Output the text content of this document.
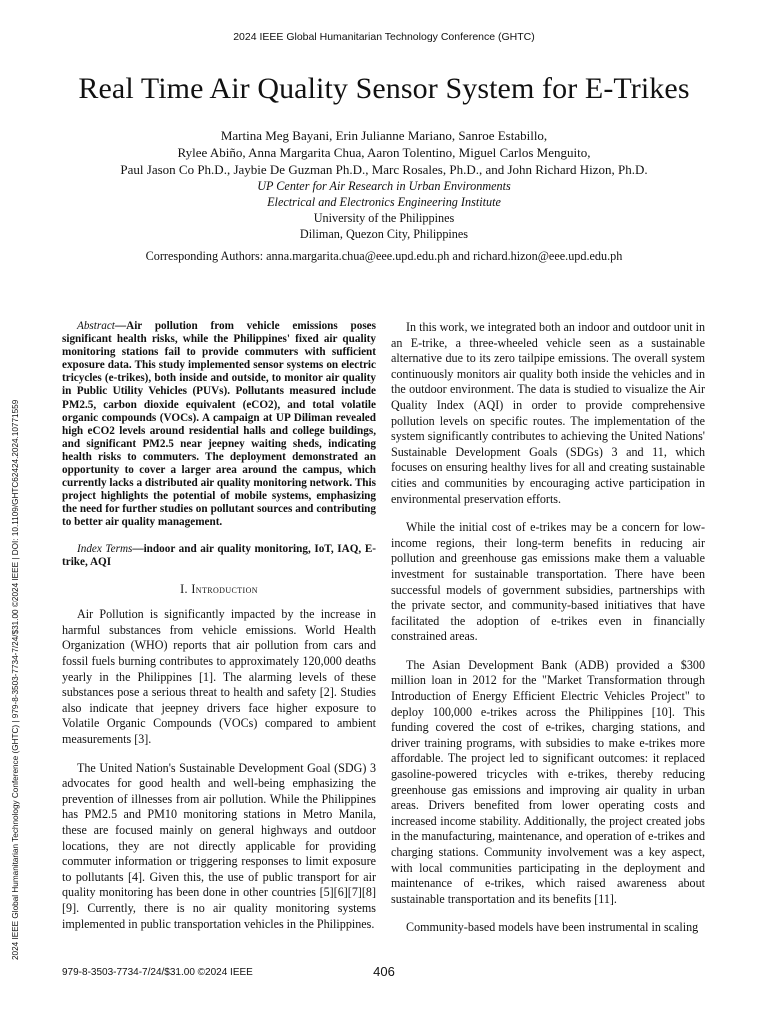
2024 IEEE Global Humanitarian Technology Conference (GHTC)
Real Time Air Quality Sensor System for E-Trikes
Martina Meg Bayani, Erin Julianne Mariano, Sanroe Estabillo,
Rylee Abiño, Anna Margarita Chua, Aaron Tolentino, Miguel Carlos Menguito,
Paul Jason Co Ph.D., Jaybie De Guzman Ph.D., Marc Rosales, Ph.D., and John Richard Hizon, Ph.D.
UP Center for Air Research in Urban Environments
Electrical and Electronics Engineering Institute
University of the Philippines
Diliman, Quezon City, Philippines
Corresponding Authors: anna.margarita.chua@eee.upd.edu.ph and richard.hizon@eee.upd.edu.ph
2024 IEEE Global Humanitarian Technology Conference (GHTC) | 979-8-3503-7734-7/24/$31.00 ©2024 IEEE | DOI: 10.1109/GHTC62424.2024.10771559

Abstract—Air pollution from vehicle emissions poses significant health risks, while the Philippines' fixed air quality monitoring stations fail to provide commuters with sufficient exposure data. This study implemented sensor systems on electric tricycles (e-trikes), both inside and outside, to monitor air quality in Public Utility Vehicles (PUVs). Pollutants measured include PM2.5, carbon dioxide equivalent (eCO2), and total volatile organic compounds (VOCs). A campaign at UP Diliman revealed high eCO2 levels around residential halls and college buildings, and significant PM2.5 near jeepney waiting sheds, indicating health risks to commuters. The deployment demonstrated an opportunity to cover a larger area around the campus, which currently lacks a distributed air quality monitoring network. This project highlights the potential of mobile systems, emphasizing the need for further studies on pollutant sources and contributing to better air quality management.

Index Terms—indoor and air quality monitoring, IoT, IAQ, E-trike, AQI

I. Introduction

Air Pollution is significantly impacted by the increase in harmful substances from vehicle emissions. World Health Organization (WHO) reports that air pollution from cars and fossil fuels burning contributes to approximately 120,000 deaths yearly in the Philippines [1]. The alarming levels of these substances pose a serious threat to health and safety [2]. Studies also indicate that jeepney drivers face higher exposure to Volatile Organic Compounds (VOCs) compared to ambient measurements [3].

The United Nation's Sustainable Development Goal (SDG) 3 advocates for good health and well-being emphasizing the prevention of illnesses from air pollution. While the Philippines has PM2.5 and PM10 monitoring stations in Metro Manila, these are focused mainly on general highways and outdoor locations, they are not directly applicable for providing commuter information or triggering responses to limit exposure to pollutants [4]. Given this, the use of public transport for air quality monitoring has been done in other countries [5][6][7][8][9]. Currently, there is no air quality monitoring systems implemented in public transportation vehicles in the Philippines.

In this work, we integrated both an indoor and outdoor unit in an E-trike, a three-wheeled vehicle seen as a sustainable alternative due to its zero tailpipe emissions. The overall system continuously monitors air quality both inside the vehicles and in the outdoor environment. The data is studied to visualize the Air Quality Index (AQI) in order to provide comprehensive pollution levels on specific routes. The implementation of the system significantly contributes to achieving the United Nations' Sustainable Development Goals (SDGs) 3 and 11, which focuses on ensuring healthy lives for all and creating sustainable cities and communities by encouraging active participation in environmental preservation efforts.

While the initial cost of e-trikes may be a concern for low-income regions, their long-term benefits in reducing air pollution and greenhouse gas emissions make them a valuable investment for sustainable transportation. There have been successful models of government subsidies, partnerships with the private sector, and community-based initiatives that have facilitated the adoption of e-trikes even in financially constrained areas.

The Asian Development Bank (ADB) provided a $300 million loan in 2012 for the "Market Transformation through Introduction of Energy Efficient Electric Vehicles Project" to deploy 100,000 e-trikes across the Philippines [10]. This funding covered the cost of e-trikes, charging stations, and driver training programs, with subsidies to make e-trikes more affordable. The project led to significant outcomes: it replaced gasoline-powered tricycles with e-trikes, thereby reducing greenhouse gas emissions and improving air quality in urban areas. Drivers benefited from lower operating costs and increased income stability. Additionally, the project created jobs in the manufacturing, maintenance, and operation of e-trikes and charging stations. Community involvement was a key aspect, with local communities participating in the deployment and maintenance of e-trikes, which raised awareness about sustainable transportation and its benefits [11].

Community-based models have been instrumental in scaling

979-8-3503-7734-7/24/$31.00 ©2024 IEEE	406
